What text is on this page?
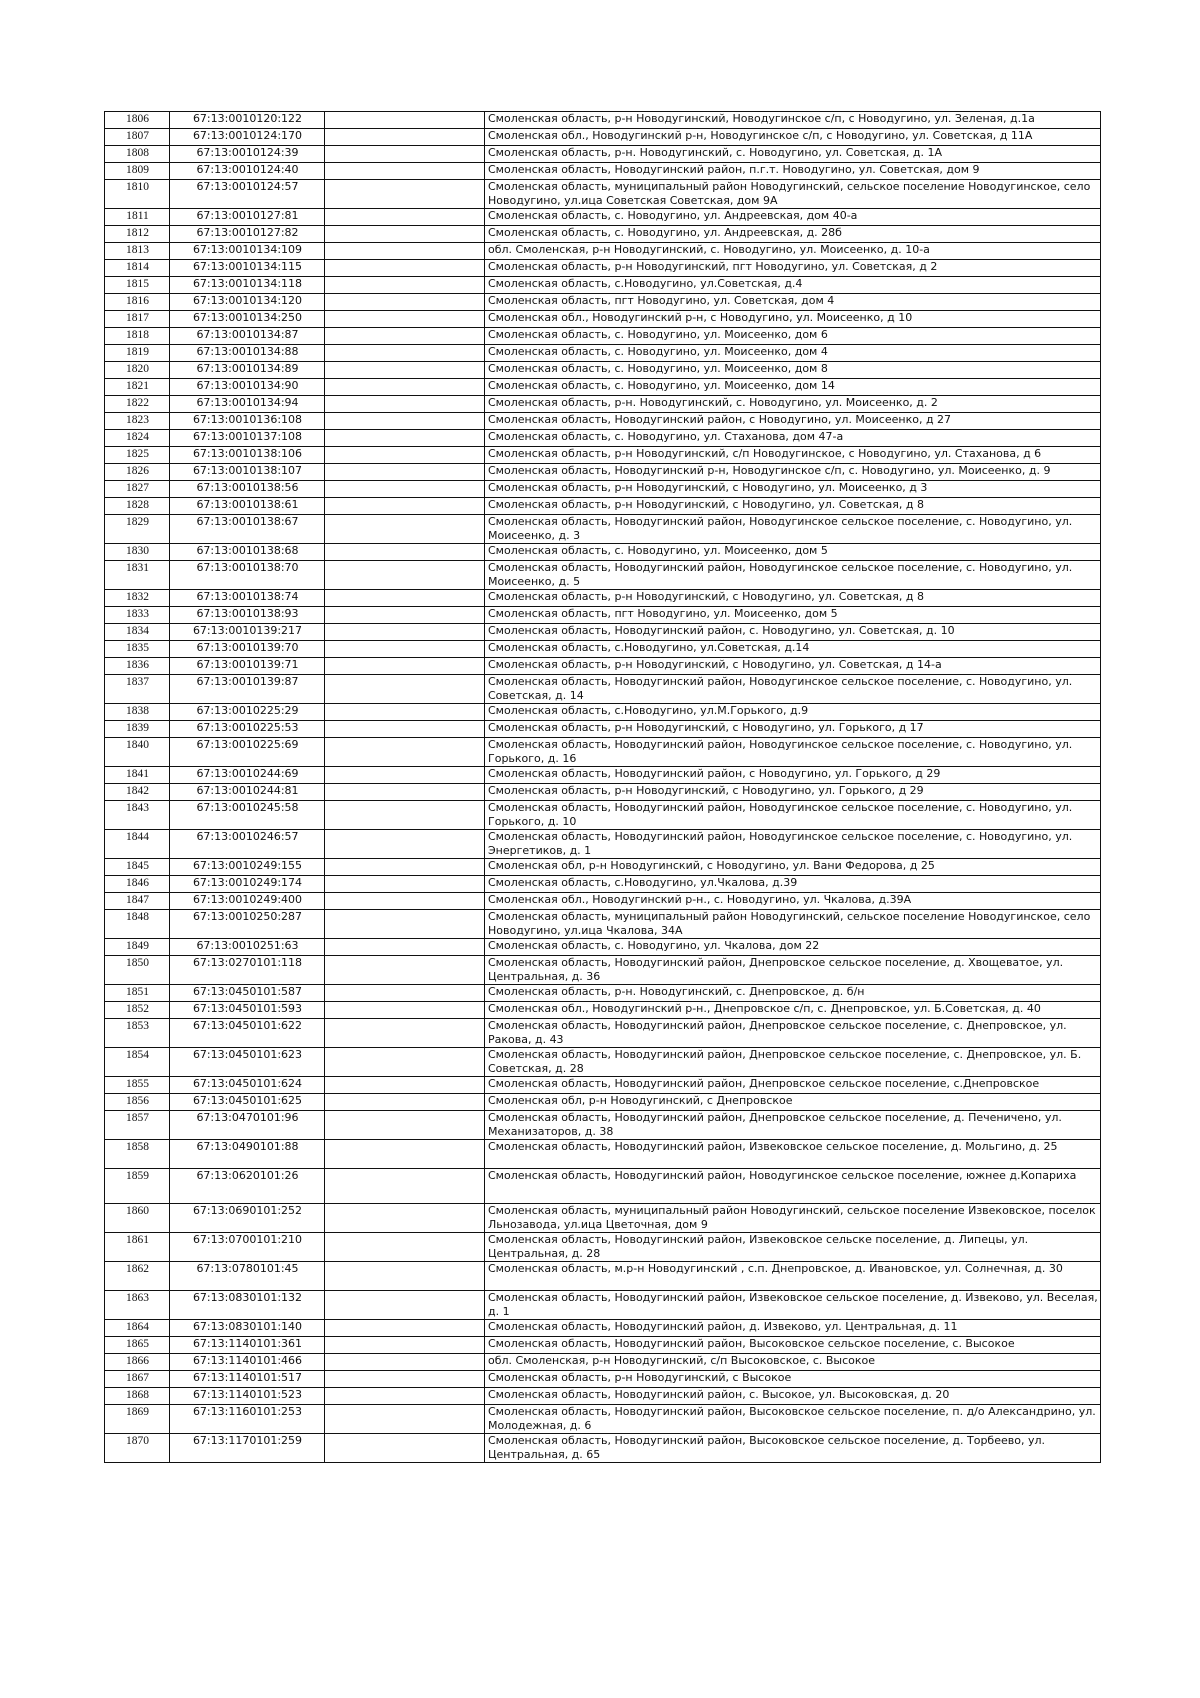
1806	67:13:0010120:122		Смоленская область, р-н Новодугинский, Новодугинское с/п, с Новодугино, ул. Зеленая, д.1а
1807	67:13:0010124:170		Смоленская обл., Новодугинский р-н, Новодугинское с/п, с Новодугино, ул. Советская, д 11А
1808	67:13:0010124:39		Смоленская область, р-н. Новодугинский, с. Новодугино, ул. Советская, д. 1А
1809	67:13:0010124:40		Смоленская область, Новодугинский район, п.г.т. Новодугино, ул. Советская, дом 9
1810	67:13:0010124:57		Смоленская область, муниципальный район Новодугинский, сельское поселение Новодугинское, село Новодугино, ул.ица Советская Советская, дом 9А
1811	67:13:0010127:81		Смоленская область, с. Новодугино, ул. Андреевская, дом 40-а
1812	67:13:0010127:82		Смоленская область, с. Новодугино, ул. Андреевская, д. 28б
1813	67:13:0010134:109		обл. Смоленская, р-н Новодугинский, с. Новодугино, ул. Моисеенко, д. 10-а
1814	67:13:0010134:115		Смоленская область, р-н Новодугинский, пгт Новодугино, ул. Советская, д 2
1815	67:13:0010134:118		Смоленская область, с.Новодугино, ул.Советская, д.4
1816	67:13:0010134:120		Смоленская область, пгт Новодугино, ул. Советская, дом 4
1817	67:13:0010134:250		Смоленская обл., Новодугинский р-н, с Новодугино, ул. Моисеенко, д 10
1818	67:13:0010134:87		Смоленская область, с. Новодугино, ул. Моисеенко, дом 6
1819	67:13:0010134:88		Смоленская область, с. Новодугино, ул. Моисеенко, дом 4
1820	67:13:0010134:89		Смоленская область, с. Новодугино, ул. Моисеенко, дом 8
1821	67:13:0010134:90		Смоленская область, с. Новодугино, ул. Моисеенко, дом 14
1822	67:13:0010134:94		Смоленская область, р-н. Новодугинский, с. Новодугино, ул. Моисеенко, д. 2
1823	67:13:0010136:108		Смоленская область, Новодугинский район, с Новодугино, ул. Моисеенко, д 27
1824	67:13:0010137:108		Смоленская область, с. Новодугино, ул. Стаханова, дом 47-а
1825	67:13:0010138:106		Смоленская область, р-н Новодугинский, с/п Новодугинское, с Новодугино, ул. Стаханова, д 6
1826	67:13:0010138:107		Смоленская область, Новодугинский р-н, Новодугинское с/п, с. Новодугино, ул. Моисеенко, д. 9
1827	67:13:0010138:56		Смоленская область, р-н Новодугинский, с Новодугино, ул. Моисеенко, д 3
1828	67:13:0010138:61		Смоленская область, р-н Новодугинский, с Новодугино, ул. Советская, д 8
1829	67:13:0010138:67		Смоленская область, Новодугинский район, Новодугинское сельское поселение, с. Новодугино, ул. Моисеенко, д. 3
1830	67:13:0010138:68		Смоленская область, с. Новодугино, ул. Моисеенко, дом 5
1831	67:13:0010138:70		Смоленская область, Новодугинский район, Новодугинское сельское поселение, с. Новодугино, ул. Моисеенко, д. 5
1832	67:13:0010138:74		Смоленская область, р-н Новодугинский, с Новодугино, ул. Советская, д 8
1833	67:13:0010138:93		Смоленская область, пгт Новодугино, ул. Моисеенко, дом 5
1834	67:13:0010139:217		Смоленская область, Новодугинский район, с. Новодугино, ул. Советская, д. 10
1835	67:13:0010139:70		Смоленская область, с.Новодугино, ул.Советская, д.14
1836	67:13:0010139:71		Смоленская область, р-н Новодугинский, с Новодугино, ул. Советская, д 14-а
1837	67:13:0010139:87		Смоленская область, Новодугинский район, Новодугинское сельское поселение, с. Новодугино, ул. Советская, д. 14
1838	67:13:0010225:29		Смоленская область, с.Новодугино, ул.М.Горького, д.9
1839	67:13:0010225:53		Смоленская область, р-н Новодугинский, с Новодугино, ул. Горького, д 17
1840	67:13:0010225:69		Смоленская область, Новодугинский район, Новодугинское сельское поселение, с. Новодугино, ул. Горького, д. 16
1841	67:13:0010244:69		Смоленская область, Новодугинский район, с Новодугино, ул. Горького, д 29
1842	67:13:0010244:81		Смоленская область, р-н Новодугинский, с Новодугино, ул. Горького, д 29
1843	67:13:0010245:58		Смоленская область, Новодугинский район, Новодугинское сельское поселение, с. Новодугино, ул. Горького, д. 10
1844	67:13:0010246:57		Смоленская область, Новодугинский район, Новодугинское сельское поселение, с. Новодугино, ул. Энергетиков, д. 1
1845	67:13:0010249:155		Смоленская обл, р-н Новодугинский, с Новодугино, ул. Вани Федорова, д 25
1846	67:13:0010249:174		Смоленская область, с.Новодугино, ул.Чкалова, д.39
1847	67:13:0010249:400		Смоленская обл., Новодугинский р-н., с. Новодугино, ул. Чкалова, д.39А
1848	67:13:0010250:287		Смоленская область, муниципальный район Новодугинский, сельское поселение Новодугинское, село Новодугино, ул.ица Чкалова, 34А
1849	67:13:0010251:63		Смоленская область, с. Новодугино, ул. Чкалова, дом 22
1850	67:13:0270101:118		Смоленская область, Новодугинский район, Днепровское сельское поселение, д. Хвощеватое, ул. Центральная, д. 36
1851	67:13:0450101:587		Смоленская область, р-н. Новодугинский, с. Днепровское, д. б/н
1852	67:13:0450101:593		Смоленская обл., Новодугинский р-н., Днепровское с/п, с. Днепровское, ул. Б.Советская, д. 40
1853	67:13:0450101:622		Смоленская область, Новодугинский район, Днепровское сельское поселение, с. Днепровское, ул. Ракова, д. 43
1854	67:13:0450101:623		Смоленская область, Новодугинский район, Днепровское сельское поселение, с. Днепровское, ул. Б. Советская, д. 28
1855	67:13:0450101:624		Смоленская область, Новодугинский район, Днепровское сельское поселение, с.Днепровское
1856	67:13:0450101:625		Смоленская обл, р-н Новодугинский, с Днепровское
1857	67:13:0470101:96		Смоленская область, Новодугинский район, Днепровское сельское поселение, д. Печеничено, ул. Механизаторов, д. 38
1858	67:13:0490101:88		Смоленская область, Новодугинский район, Извековское сельское поселение, д. Мольгино, д. 25
1859	67:13:0620101:26		Смоленская область, Новодугинский район, Новодугинское сельское поселение, южнее д.Копариха
1860	67:13:0690101:252		Смоленская область, муниципальный район Новодугинский, сельское поселение Извековское, поселок Льнозавода, ул.ица Цветочная, дом 9
1861	67:13:0700101:210		Смоленская область, Новодугинский район, Извековское сельске поселение, д. Липецы, ул. Центральная, д. 28
1862	67:13:0780101:45		Смоленская область, м.р-н Новодугинский , с.п. Днепровское, д. Ивановское, ул. Солнечная, д. 30
1863	67:13:0830101:132		Смоленская область, Новодугинский район, Извековское сельское поселение, д. Извеково, ул. Веселая, д. 1
1864	67:13:0830101:140		Смоленская область, Новодугинский район, д. Извеково, ул. Центральная, д. 11
1865	67:13:1140101:361		Смоленская область, Новодугинский район, Высоковское сельское поселение, с. Высокое
1866	67:13:1140101:466		обл. Смоленская, р-н Новодугинский, с/п Высоковское, с. Высокое
1867	67:13:1140101:517		Смоленская область, р-н Новодугинский, с Высокое
1868	67:13:1140101:523		Смоленская область, Новодугинский район, с. Высокое, ул. Высоковская, д. 20
1869	67:13:1160101:253		Смоленская область, Новодугинский район, Высоковское сельское поселение, п. д/о Александрино, ул. Молодежная, д. 6
1870	67:13:1170101:259		Смоленская область, Новодугинский район, Высоковское сельское поселение, д. Торбеево, ул. Центральная, д. 65
